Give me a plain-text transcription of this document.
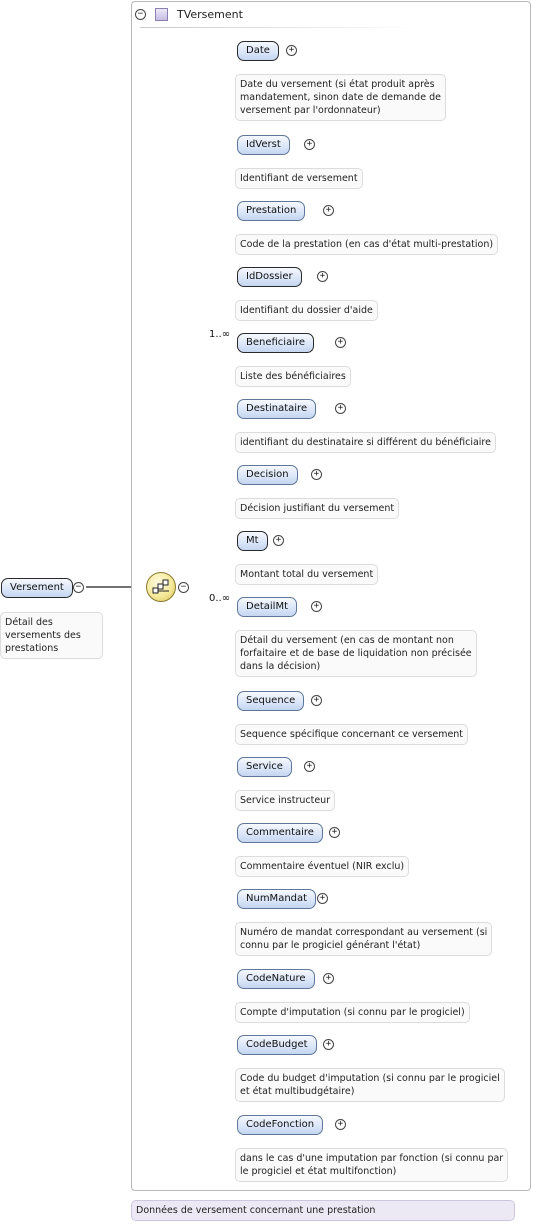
−	TVersement
Versement	−
Détail des versements des prestations
−
Date	+
Date du versement (si état produit après
mandatement, sinon date de demande de
versement par l'ordonnateur)
IdVerst	+
Identifiant de versement
Prestation	+
Code de la prestation (en cas d'état multi-prestation)
IdDossier	+
Identifiant du dossier d'aide
Beneficiaire	+
1..∞
Liste des bénéficiaires
Destinataire	+
identifiant du destinataire si différent du bénéficiaire
Decision	+
Décision justifiant du versement
Mt	+
Montant total du versement
DetailMt	+
0..∞
Détail du versement (en cas de montant non
forfaitaire et de base de liquidation non précisée
dans la décision)
Sequence	+
Sequence spécifique concernant ce versement
Service	+
Service instructeur
Commentaire	+
Commentaire éventuel (NIR exclu)
NumMandat	+
Numéro de mandat correspondant au versement (si
connu par le progiciel générant l'état)
CodeNature	+
Compte d'imputation (si connu par le progiciel)
CodeBudget	+
Code du budget d'imputation (si connu par le progiciel
et état multibudgétaire)
CodeFonction	+
dans le cas d'une imputation par fonction (si connu par
le progiciel et état multifonction)
Données de versement concernant une prestation
